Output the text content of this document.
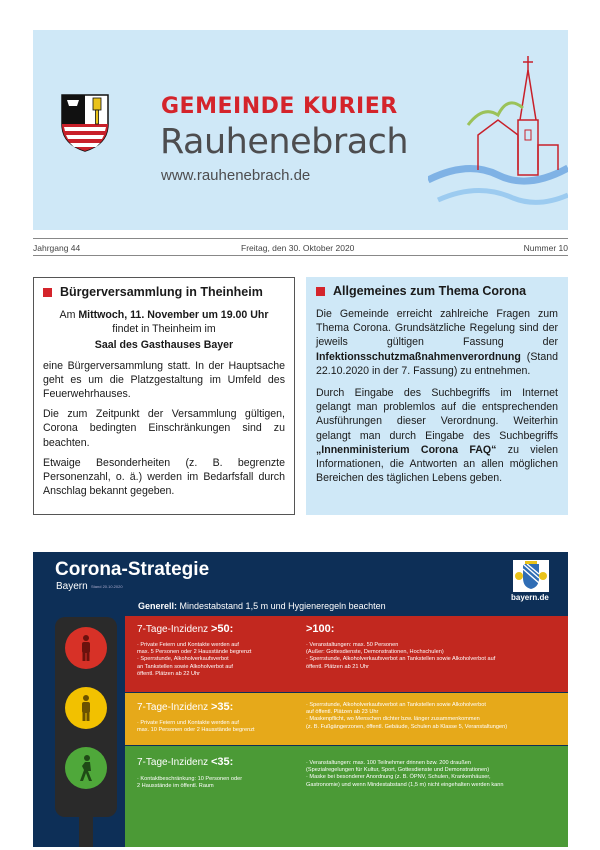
GEMEINDE KURIER
Rauhenebrach
www.rauhenebrach.de
Jahrgang 44	Freitag, den 30. Oktober 2020	Nummer 10
Bürgerversammlung in Theinheim
Am Mittwoch, 11. November um 19.00 Uhr
findet in Theinheim im
Saal des Gasthauses Bayer
eine Bürgerversammlung statt. In der Hauptsache geht es um die Platzgestaltung im Umfeld des Feuerwehrhauses.
Die zum Zeitpunkt der Versammlung gültigen, Corona bedingten Einschränkungen sind zu beachten.
Etwaige Besonderheiten (z. B. begrenzte Personenzahl, o. ä.) werden im Bedarfsfall durch Anschlag bekannt gegeben.
Allgemeines zum Thema Corona
Die Gemeinde erreicht zahlreiche Fragen zum Thema Corona. Grundsätzliche Regelung sind der jeweils gültigen Fassung der Infektionsschutzmaßnahmenverordnung (Stand 22.10.2020 in der 7. Fassung) zu entnehmen.
Durch Eingabe des Suchbegriffs im Internet gelangt man problemlos auf die entsprechenden Ausführungen dieser Verordnung. Weiterhin gelangt man durch Eingabe des Suchbegriffs „Innenministerium Corona FAQ“ zu vielen Informationen, die Antworten an allen möglichen Bereichen des täglichen Lebens geben.
Corona-Strategie
Bayern Stand 20.10.2020
bayern.de
Generell: Mindestabstand 1,5 m und Hygieneregeln beachten
7-Tage-Inzidenz >50:
· Private Feiern und Kontakte werden auf
max. 5 Personen oder 2 Hausstände begrenzt
· Sperrstunde, Alkoholverkaufsverbot
an Tankstellen sowie Alkoholverbot auf
öffentl. Plätzen ab 22 Uhr
>100:
· Veranstaltungen: max. 50 Personen
(Außer: Gottesdienste, Demonstrationen, Hochschulen)
· Sperrstunde, Alkoholverkaufsverbot an Tankstellen sowie Alkoholverbot auf
öffentl. Plätzen ab 21 Uhr
7-Tage-Inzidenz >35:
· Private Feiern und Kontakte werden auf
max. 10 Personen oder 2 Hausstände begrenzt
· Sperrstunde, Alkoholverkaufsverbot an Tankstellen sowie Alkoholverbot
auf öffentl. Plätzen ab 23 Uhr
· Maskenpflicht, wo Menschen dichter bzw. länger zusammenkommen
(z. B. Fußgängerzonen, öffentl. Gebäude, Schulen ab Klasse 5, Veranstaltungen)
7-Tage-Inzidenz <35:
· Kontaktbeschränkung: 10 Personen oder
2 Hausstände im öffentl. Raum
· Veranstaltungen: max. 100 Teilnehmer drinnen bzw. 200 draußen
(Spezialregelungen für Kultur, Sport, Gottesdienste und Demonstrationen)
· Maske bei besonderer Anordnung (z. B. ÖPNV, Schulen, Krankenhäuser,
Gastronomie) und wenn Mindestabstand (1,5 m) nicht eingehalten werden kann
